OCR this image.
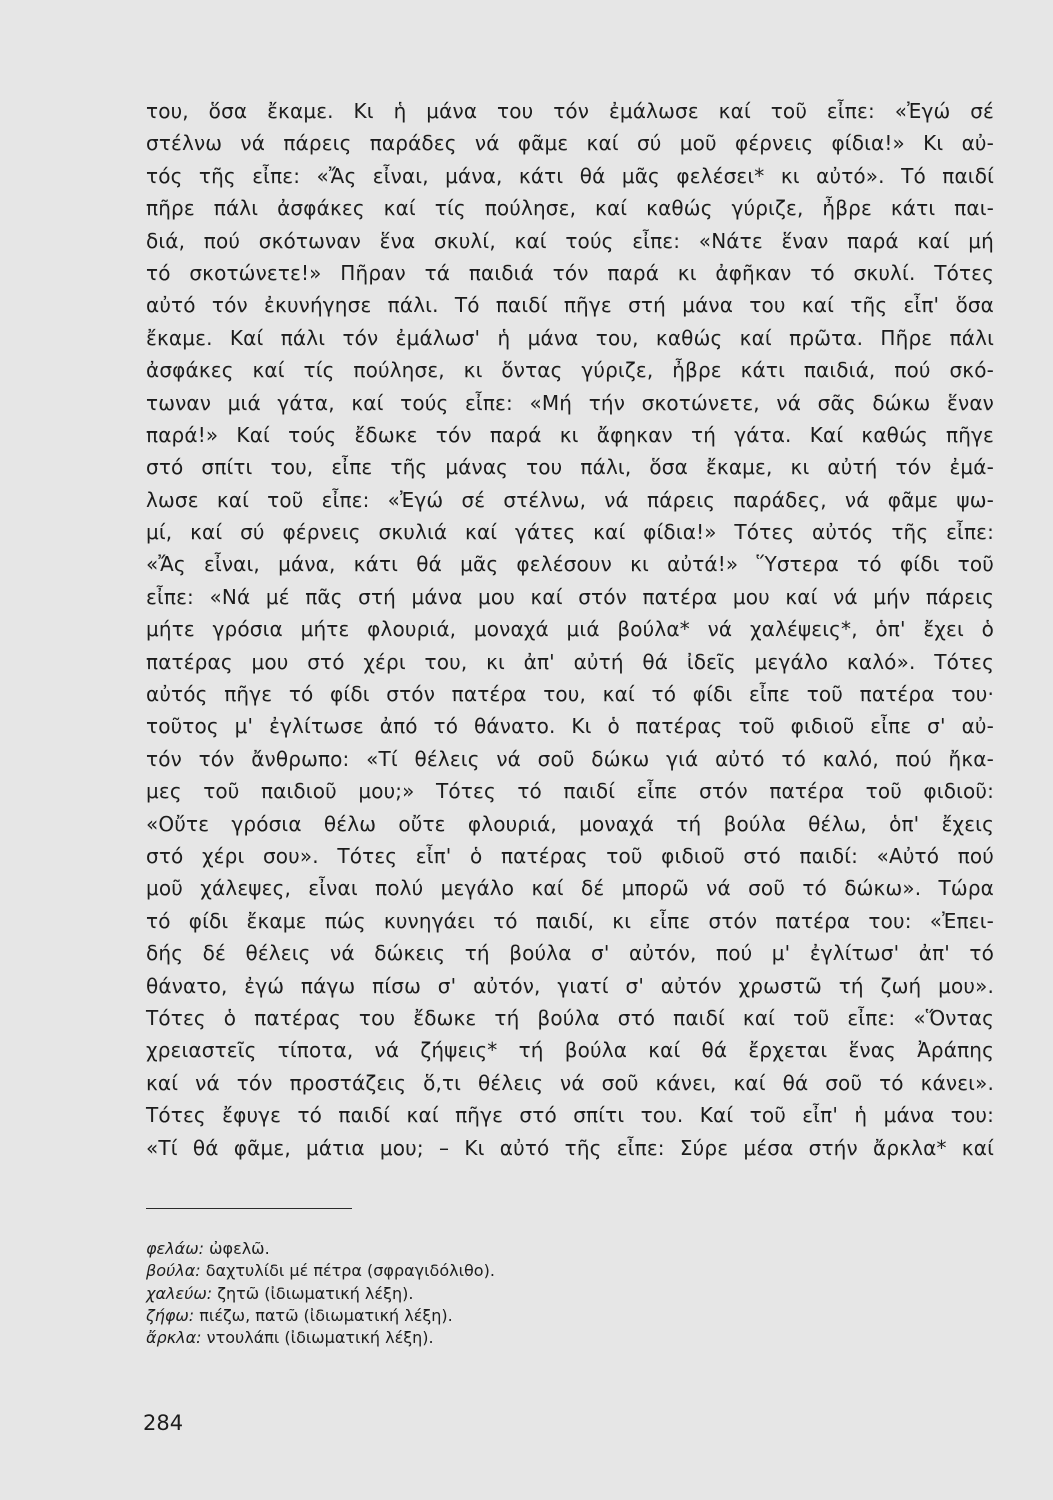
του, ὅσα ἔκαμε. Κι ἡ μάνα του τόν ἐμάλωσε καί τοῦ εἶπε: «Ἐγώ σέ
στέλνω νά πάρεις παράδες νά φᾶμε καί σύ μοῦ φέρνεις φίδια!» Κι αὐ-
τός τῆς εἶπε: «Ἄς εἶναι, μάνα, κάτι θά μᾶς φελέσει* κι αὐτό». Τό παιδί
πῆρε πάλι ἀσφάκες καί τίς πούλησε, καί καθώς γύριζε, ἦβρε κάτι παι-
διά, πού σκότωναν ἕνα σκυλί, καί τούς εἶπε: «Νάτε ἕναν παρά καί μή
τό σκοτώνετε!» Πῆραν τά παιδιά τόν παρά κι ἀφῆκαν τό σκυλί. Τότες
αὐτό τόν ἐκυνήγησε πάλι. Τό παιδί πῆγε στή μάνα του καί τῆς εἶπ' ὅσα
ἔκαμε. Καί πάλι τόν ἐμάλωσ' ἡ μάνα του, καθώς καί πρῶτα. Πῆρε πάλι
ἀσφάκες καί τίς πούλησε, κι ὅντας γύριζε, ἦβρε κάτι παιδιά, πού σκό-
τωναν μιά γάτα, καί τούς εἶπε: «Μή τήν σκοτώνετε, νά σᾶς δώκω ἕναν
παρά!» Καί τούς ἔδωκε τόν παρά κι ἄφηκαν τή γάτα. Καί καθώς πῆγε
στό σπίτι του, εἶπε τῆς μάνας του πάλι, ὅσα ἔκαμε, κι αὐτή τόν ἐμά-
λωσε καί τοῦ εἶπε: «Ἐγώ σέ στέλνω, νά πάρεις παράδες, νά φᾶμε ψω-
μί, καί σύ φέρνεις σκυλιά καί γάτες καί φίδια!» Τότες αὐτός τῆς εἶπε:
«Ἄς εἶναι, μάνα, κάτι θά μᾶς φελέσουν κι αὐτά!» Ὕστερα τό φίδι τοῦ
εἶπε: «Νά μέ πᾶς στή μάνα μου καί στόν πατέρα μου καί νά μήν πάρεις
μήτε γρόσια μήτε φλουριά, μοναχά μιά βούλα* νά χαλέψεις*, ὁπ' ἔχει ὁ
πατέρας μου στό χέρι του, κι ἀπ' αὐτή θά ἰδεῖς μεγάλο καλό». Τότες
αὐτός πῆγε τό φίδι στόν πατέρα του, καί τό φίδι εἶπε τοῦ πατέρα του·
τοῦτος μ' ἐγλίτωσε ἀπό τό θάνατο. Κι ὁ πατέρας τοῦ φιδιοῦ εἶπε σ' αὐ-
τόν τόν ἄνθρωπο: «Τί θέλεις νά σοῦ δώκω γιά αὐτό τό καλό, πού ἤκα-
μες τοῦ παιδιοῦ μου;» Τότες τό παιδί εἶπε στόν πατέρα τοῦ φιδιοῦ:
«Οὔτε γρόσια θέλω οὔτε φλουριά, μοναχά τή βούλα θέλω, ὁπ' ἔχεις
στό χέρι σου». Τότες εἶπ' ὁ πατέρας τοῦ φιδιοῦ στό παιδί: «Αὐτό πού
μοῦ χάλεψες, εἶναι πολύ μεγάλο καί δέ μπορῶ νά σοῦ τό δώκω». Τώρα
τό φίδι ἔκαμε πώς κυνηγάει τό παιδί, κι εἶπε στόν πατέρα του: «Ἐπει-
δής δέ θέλεις νά δώκεις τή βούλα σ' αὐτόν, πού μ' ἐγλίτωσ' ἀπ' τό
θάνατο, ἐγώ πάγω πίσω σ' αὐτόν, γιατί σ' αὐτόν χρωστῶ τή ζωή μου».
Τότες ὁ πατέρας του ἔδωκε τή βούλα στό παιδί καί τοῦ εἶπε: «Ὅντας
χρειαστεῖς τίποτα, νά ζήψεις* τή βούλα καί θά ἔρχεται ἕνας Ἀράπης
καί νά τόν προστάζεις ὅ,τι θέλεις νά σοῦ κάνει, καί θά σοῦ τό κάνει».
Τότες ἔφυγε τό παιδί καί πῆγε στό σπίτι του. Καί τοῦ εἶπ' ἡ μάνα του:
«Τί θά φᾶμε, μάτια μου; – Κι αὐτό τῆς εἶπε: Σύρε μέσα στήν ἄρκλα* καί
φελάω: ὠφελῶ.
βούλα: δαχτυλίδι μέ πέτρα (σφραγιδόλιθο).
χαλεύω: ζητῶ (ἰδιωματική λέξη).
ζήφω: πιέζω, πατῶ (ἰδιωματική λέξη).
ἄρκλα: ντουλάπι (ἰδιωματική λέξη).
284
